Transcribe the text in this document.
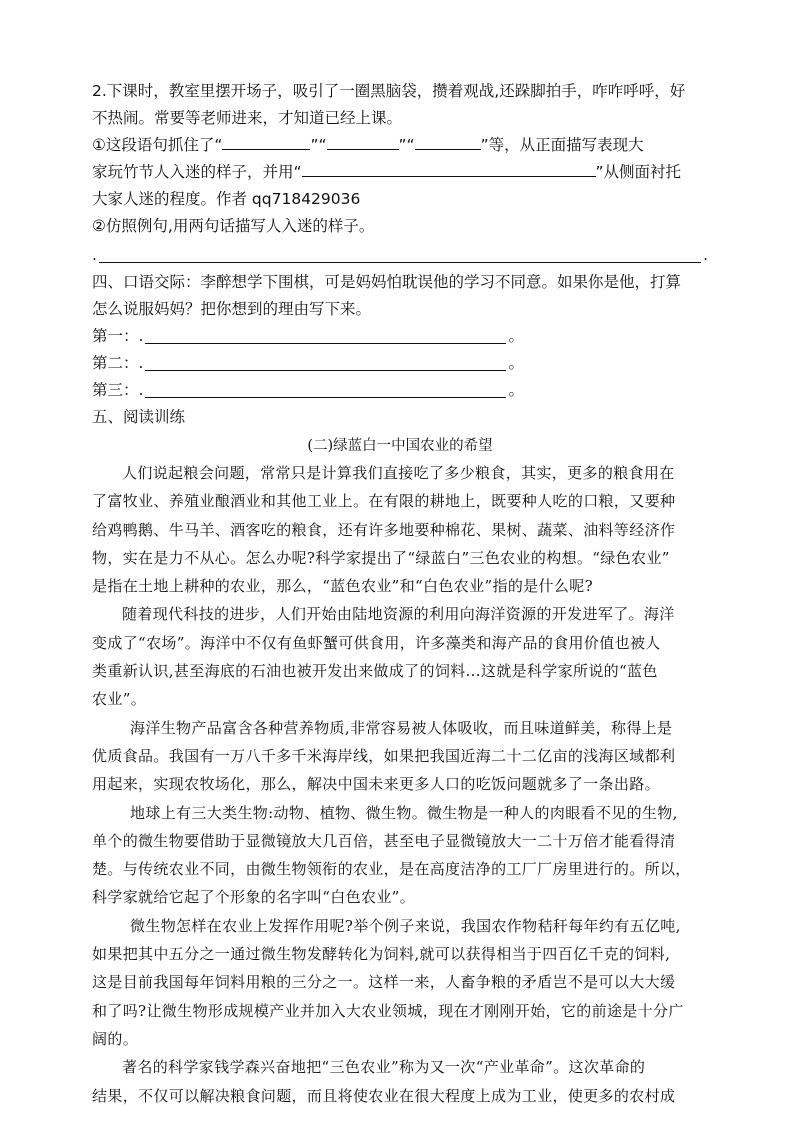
2.下课时，教室里摆开场子，吸引了一圈黑脑袋，攒着观战,还跺脚拍手，咋咋呼呼，好
不热闹。常要等老师进来，才知道已经上课。
①这段语句抓住了“	”“	”“	”等，从正面描写表现大
家玩竹节人入迷的样子，并用“	”从侧面衬托
大家人迷的程度。作者 qq718429036
②仿照例句,用两句话描写人入迷的样子。
.	.
四、口语交际：李醉想学下围棋，可是妈妈怕耽误他的学习不同意。如果你是他，打算
怎么说服妈妈？把你想到的理由写下来。
第一： .	。
第二： .	。
第三： .	。
五、阅读训练
(二)绿蓝白一中国农业的希望
人们说起粮会问题，常常只是计算我们直接吃了多少粮食，其实，更多的粮食用在
了富牧业、养殖业酿酒业和其他工业上。在有限的耕地上，既要种人吃的口粮，又要种
给鸡鸭鹅、牛马羊、酒客吃的粮食，还有许多地要种棉花、果树、蔬菜、油料等经济作
物，实在是力不从心。怎么办呢?科学家提出了“绿蓝白”三色农业的构想。“绿色农业”
是指在土地上耕种的农业，那么，“蓝色农业”和“白色农业”指的是什么呢?
随着现代科技的进步，人们开始由陆地资源的利用向海洋资源的开发进军了。海洋
变成了“农场”。海洋中不仅有鱼虾蟹可供食用，许多藻类和海产品的食用价值也被人
类重新认识,甚至海底的石油也被开发出来做成了的饲料...这就是科学家所说的“蓝色
农业”。
海洋生物产品富含各种营养物质,非常容易被人体吸收，而且味道鲜美，称得上是
优质食品。我国有一万八千多千米海岸线，如果把我国近海二十二亿亩的浅海区域都利
用起来，实现农牧场化，那么，解决中国未来更多人口的吃饭问题就多了一条出路。
地球上有三大类生物:动物、植物、微生物。微生物是一种人的肉眼看不见的生物,
单个的微生物要借助于显微镜放大几百倍，甚至电子显微镜放大一二十万倍才能看得清
楚。与传统农业不同，由微生物领衔的农业，是在高度洁净的工厂厂房里进行的。所以，
科学家就给它起了个形象的名字叫“白色农业”。
微生物怎样在农业上发挥作用呢?举个例子来说，我国农作物秸秆每年约有五亿吨,
如果把其中五分之一通过微生物发酵转化为饲料,就可以获得相当于四百亿千克的饲料,
这是目前我国每年饲料用粮的三分之一。这样一来，人畜争粮的矛盾岂不是可以大大缓
和了吗?让微生物形成规模产业并加入大农业领城，现在才刚刚开始，它的前途是十分广
阔的。
著名的科学家钱学森兴奋地把“三色农业”称为又一次“产业革命”。这次革命的
结果，不仅可以解决粮食问题，而且将使农业在很大程度上成为工业，使更多的农村成
